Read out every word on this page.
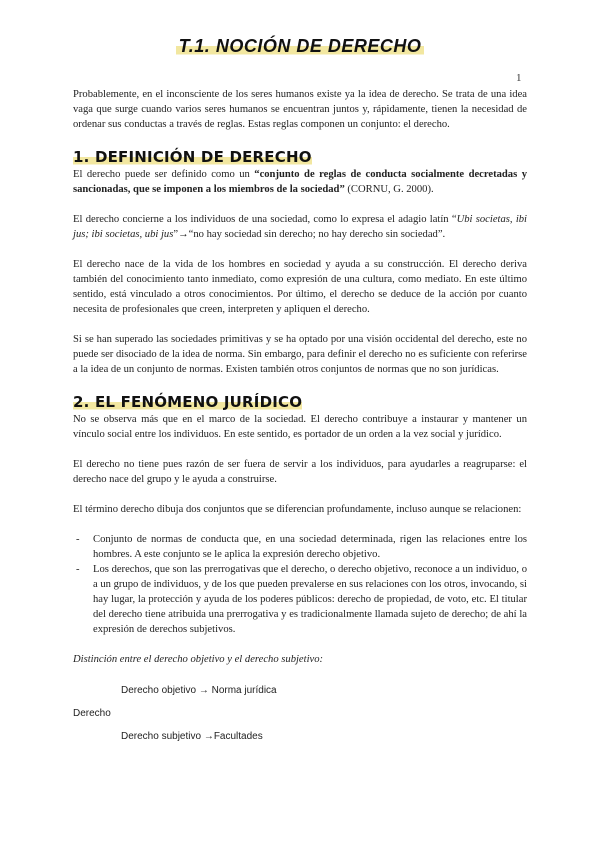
T.1. NOCIÓN DE DERECHO
1

Probablemente, en el inconsciente de los seres humanos existe ya la idea de derecho. Se trata de una idea vaga que surge cuando varios seres humanos se encuentran juntos y, rápidamente, tienen la necesidad de ordenar sus conductas a través de reglas. Estas reglas componen un conjunto: el derecho.

1. DEFINICIÓN DE DERECHO

El derecho puede ser definido como un “conjunto de reglas de conducta socialmente decretadas y sancionadas, que se imponen a los miembros de la sociedad” (CORNU, G. 2000).

El derecho concierne a los individuos de una sociedad, como lo expresa el adagio latín “Ubi societas, ibi jus; ibi societas, ubi jus”→“no hay sociedad sin derecho; no hay derecho sin sociedad”.

El derecho nace de la vida de los hombres en sociedad y ayuda a su construcción. El derecho deriva también del conocimiento tanto inmediato, como expresión de una cultura, como mediato. En este último sentido, está vinculado a otros conocimientos. Por último, el derecho se deduce de la acción por cuanto necesita de profesionales que creen, interpreten y apliquen el derecho.

Si se han superado las sociedades primitivas y se ha optado por una visión occidental del derecho, este no puede ser disociado de la idea de norma. Sin embargo, para definir el derecho no es suficiente con referirse a la idea de un conjunto de normas. Existen también otros conjuntos de normas que no son jurídicas.

2. EL FENÓMENO JURÍDICO

No se observa más que en el marco de la sociedad. El derecho contribuye a instaurar y mantener un vínculo social entre los individuos. En este sentido, es portador de un orden a la vez social y jurídico.

El derecho no tiene pues razón de ser fuera de servir a los individuos, para ayudarles a reagruparse: el derecho nace del grupo y le ayuda a construirse.

El término derecho dibuja dos conjuntos que se diferencian profundamente, incluso aunque se relacionen:

- Conjunto de normas de conducta que, en una sociedad determinada, rigen las relaciones entre los hombres. A este conjunto se le aplica la expresión derecho objetivo.
- Los derechos, que son las prerrogativas que el derecho, o derecho objetivo, reconoce a un individuo, o a un grupo de individuos, y de los que pueden prevalerse en sus relaciones con los otros, invocando, si hay lugar, la protección y ayuda de los poderes públicos: derecho de propiedad, de voto, etc. El titular del derecho tiene atribuida una prerrogativa y es tradicionalmente llamada sujeto de derecho; de ahí la expresión de derechos subjetivos.
Distinción entre el derecho objetivo y el derecho subjetivo:
Derecho objetivo → Norma jurídica
Derecho
Derecho subjetivo →Facultades
